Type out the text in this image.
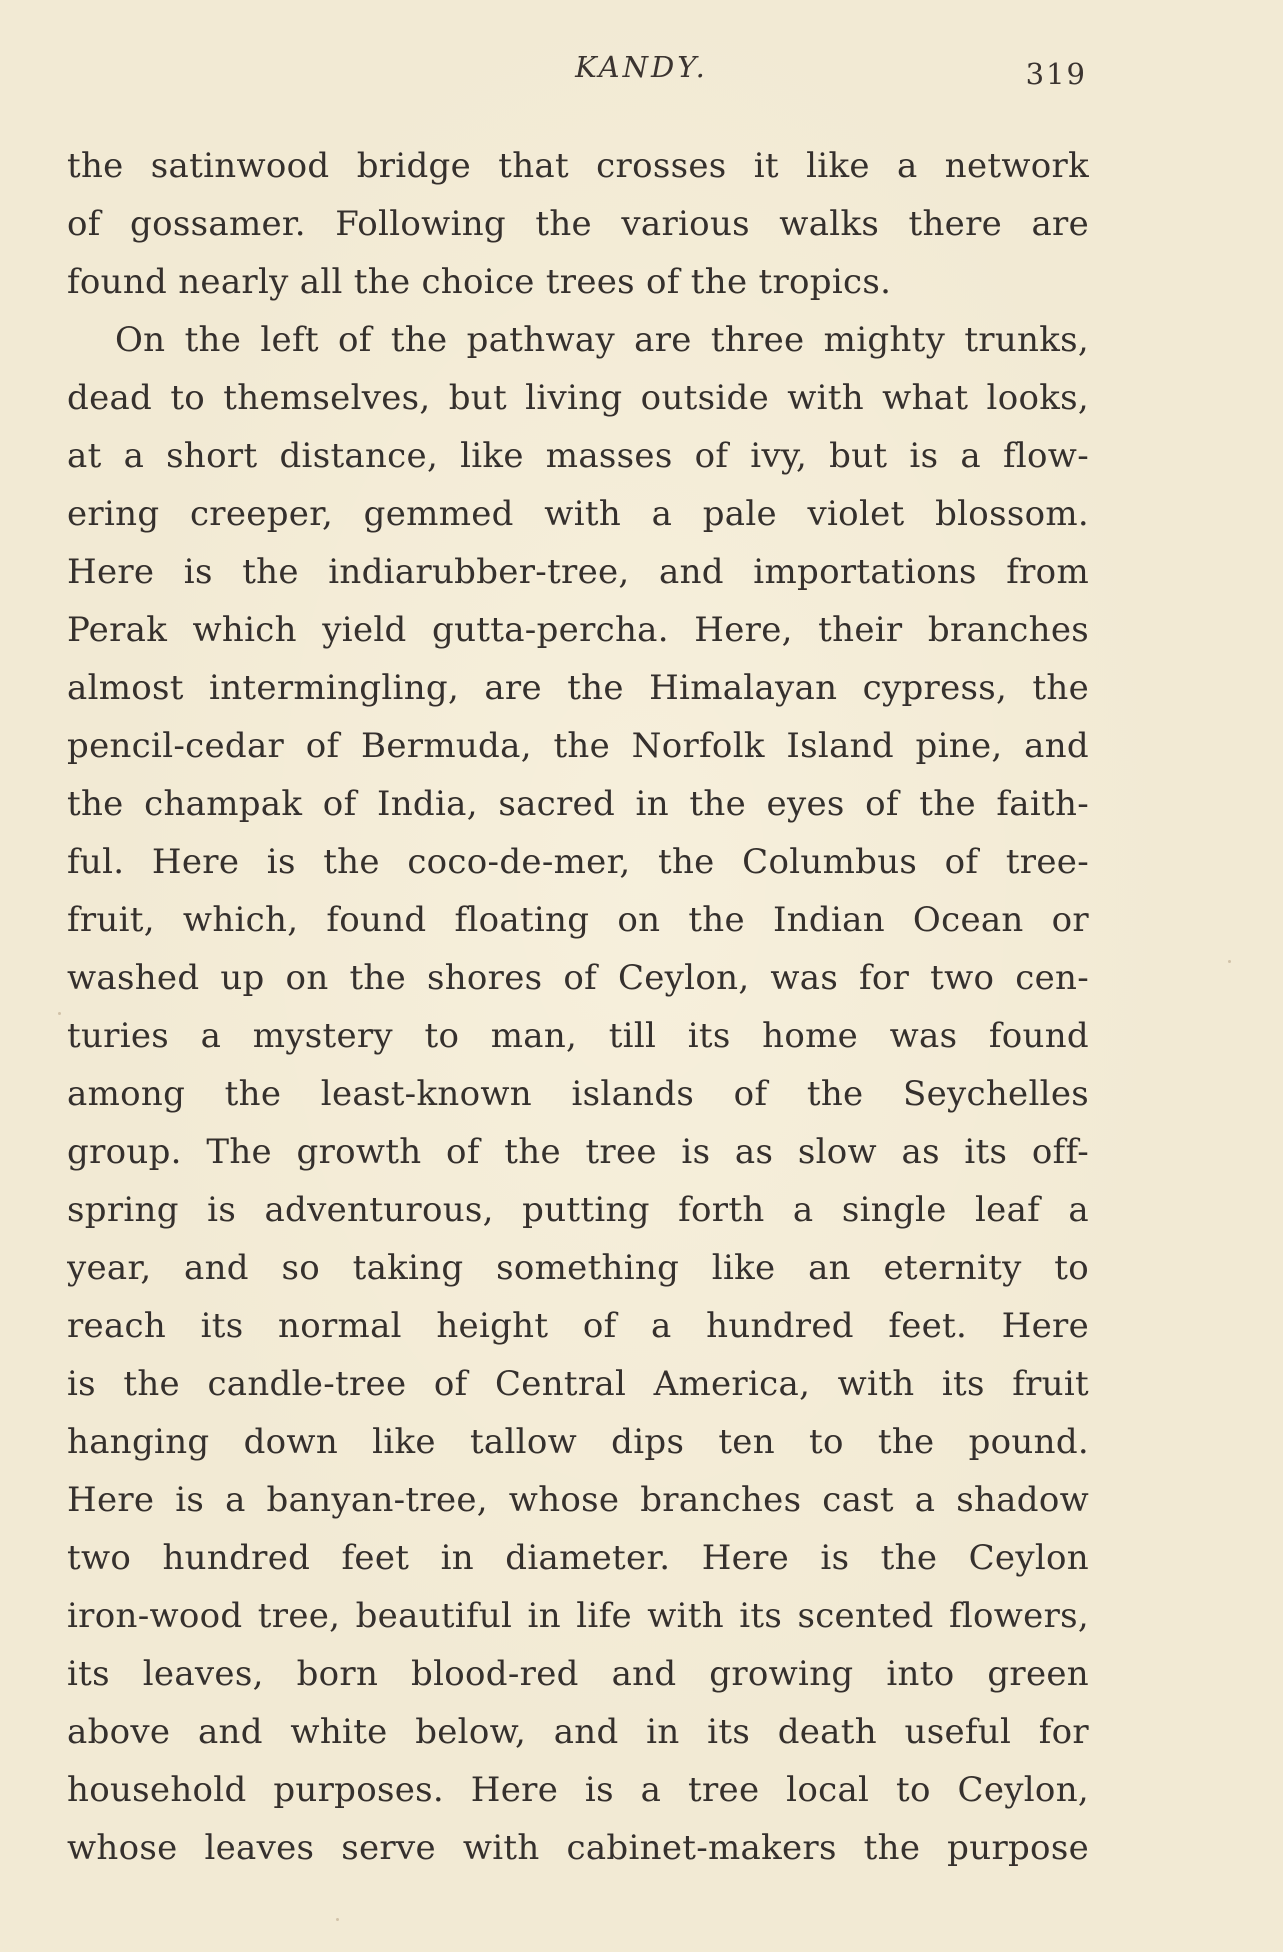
KANDY.	319
the satinwood bridge that crosses it like a network
of gossamer. Following the various walks there are
found nearly all the choice trees of the tropics.
On the left of the pathway are three mighty trunks,
dead to themselves, but living outside with what looks,
at a short distance, like masses of ivy, but is a flow-
ering creeper, gemmed with a pale violet blossom.
Here is the indiarubber-tree, and importations from
Perak which yield gutta-percha. Here, their branches
almost intermingling, are the Himalayan cypress, the
pencil-cedar of Bermuda, the Norfolk Island pine, and
the champak of India, sacred in the eyes of the faith-
ful. Here is the coco-de-mer, the Columbus of tree-
fruit, which, found floating on the Indian Ocean or
washed up on the shores of Ceylon, was for two cen-
turies a mystery to man, till its home was found
among the least-known islands of the Seychelles
group. The growth of the tree is as slow as its off-
spring is adventurous, putting forth a single leaf a
year, and so taking something like an eternity to
reach its normal height of a hundred feet. Here
is the candle-tree of Central America, with its fruit
hanging down like tallow dips ten to the pound.
Here is a banyan-tree, whose branches cast a shadow
two hundred feet in diameter. Here is the Ceylon
iron-wood tree, beautiful in life with its scented flowers,
its leaves, born blood-red and growing into green
above and white below, and in its death useful for
household purposes. Here is a tree local to Ceylon,
whose leaves serve with cabinet-makers the purpose
